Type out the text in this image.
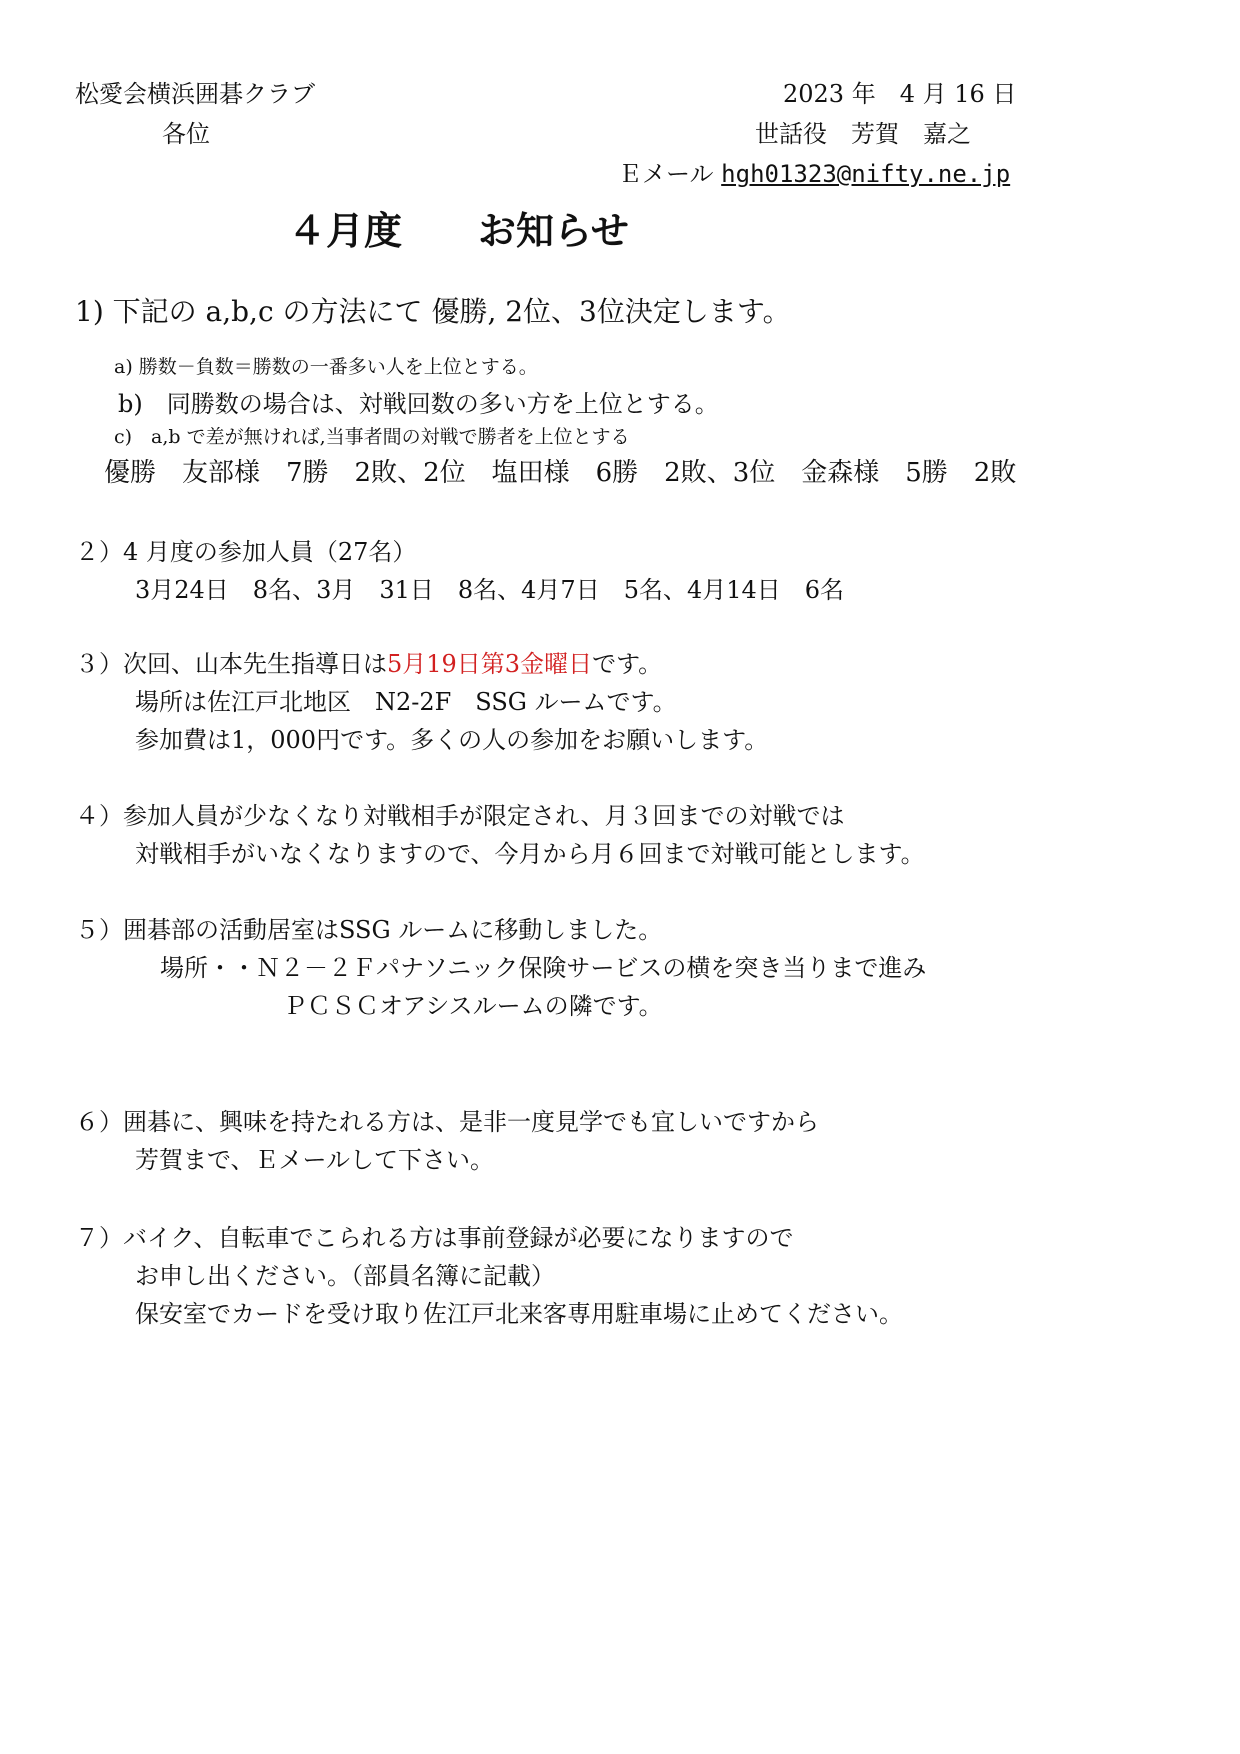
松愛会横浜囲碁クラブ
各位
2023 年　4 月 16 日
世話役　芳賀　嘉之
Ｅメール hgh01323@nifty.ne.jp
４月度　　お知らせ
1) 下記の a,b,c の方法にて 優勝, 2位、3位決定します。
a) 勝数－負数＝勝数の一番多い人を上位とする。
b)　同勝数の場合は、対戦回数の多い方を上位とする。
c)　a,b で差が無ければ,当事者間の対戦で勝者を上位とする
優勝　友部様　7勝　2敗、2位　塩田様　6勝　2敗、3位　金森様　5勝　2敗
２）4 月度の参加人員（27名）
3月24日　8名、3月　31日　8名、4月7日　5名、4月14日　6名
３）次回、山本先生指導日は5月19日第3金曜日です。
場所は佐江戸北地区　N2-2F　SSG ルームです。
参加費は1，000円です。多くの人の参加をお願いします。
４）参加人員が少なくなり対戦相手が限定され、月３回までの対戦では
対戦相手がいなくなりますので、今月から月６回まで対戦可能とします。
５）囲碁部の活動居室はSSG ルームに移動しました。
場所・・Ｎ２－２Ｆパナソニック保険サービスの横を突き当りまで進み
ＰＣＳＣオアシスルームの隣です。
６）囲碁に、興味を持たれる方は、是非一度見学でも宜しいですから
芳賀まで、Ｅメールして下さい。
７）バイク、自転車でこられる方は事前登録が必要になりますので
お申し出ください。（部員名簿に記載）
保安室でカードを受け取り佐江戸北来客専用駐車場に止めてください。
